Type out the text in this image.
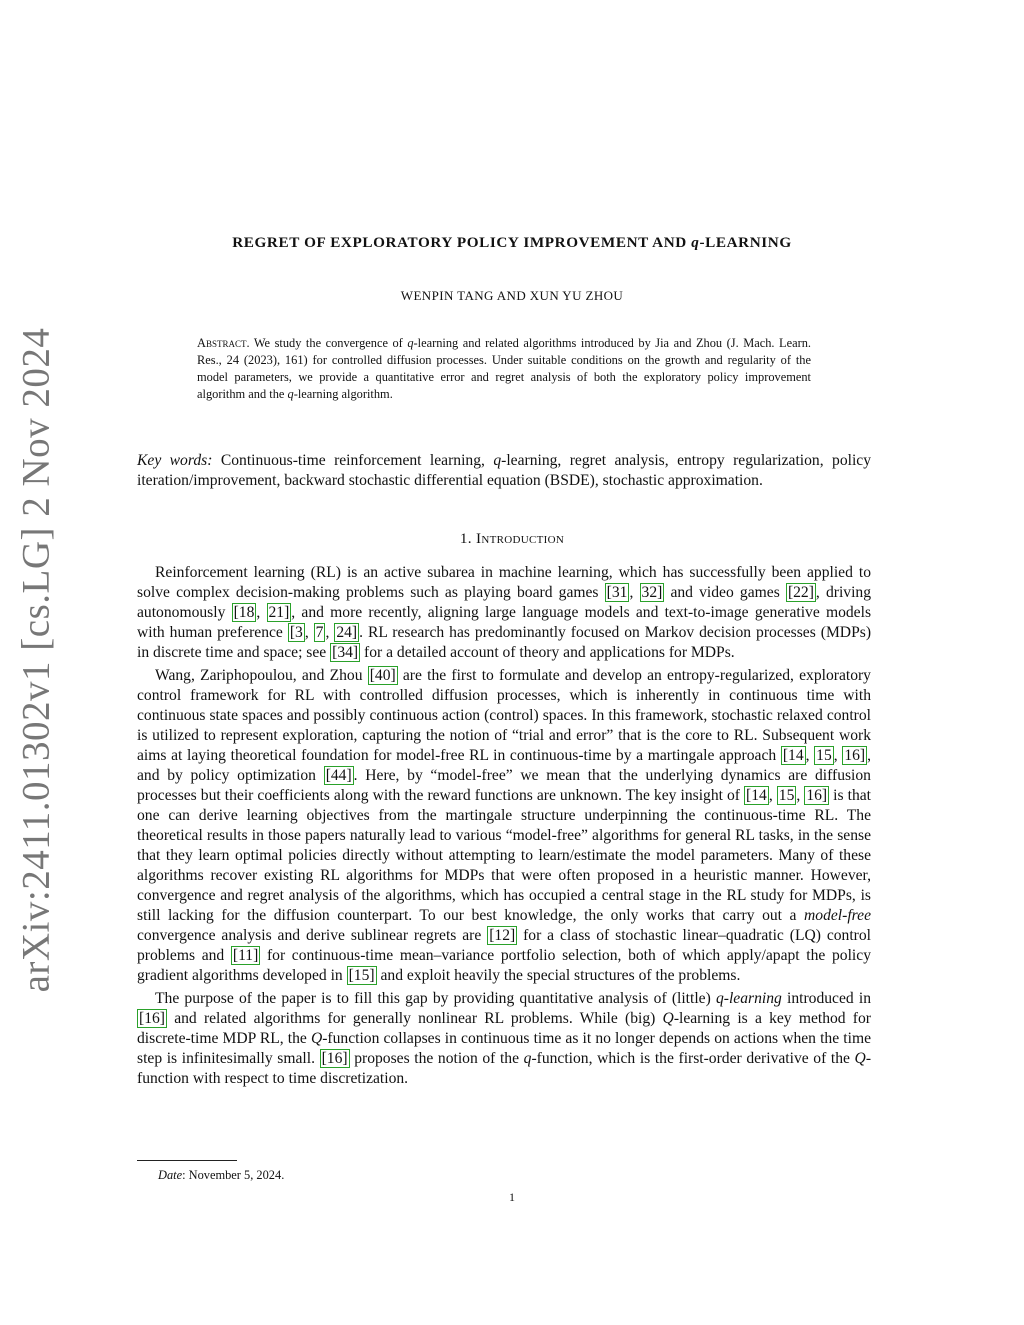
arXiv:2411.01302v1 [cs.LG] 2 Nov 2024
REGRET OF EXPLORATORY POLICY IMPROVEMENT AND q-LEARNING
WENPIN TANG AND XUN YU ZHOU
Abstract. We study the convergence of q-learning and related algorithms introduced by Jia and Zhou (J. Mach. Learn. Res., 24 (2023), 161) for controlled diffusion processes. Under suitable conditions on the growth and regularity of the model parameters, we provide a quantitative error and regret analysis of both the exploratory policy improvement algorithm and the q-learning algorithm.
Key words: Continuous-time reinforcement learning, q-learning, regret analysis, entropy regularization, policy iteration/improvement, backward stochastic differential equation (BSDE), stochastic approximation.
1. Introduction

Reinforcement learning (RL) is an active subarea in machine learning, which has successfully been applied to solve complex decision-making problems such as playing board games [31 , 32] and video games [22] , driving autonomously [18 , 21] , and more recently, aligning large language models and text-to-image generative models with human preference [3 , 7 , 24] . RL research has predominantly focused on Markov decision processes (MDPs) in discrete time and space; see [34] for a detailed account of theory and applications for MDPs.

Wang, Zariphopoulou, and Zhou [40] are the first to formulate and develop an entropy-regularized, exploratory control framework for RL with controlled diffusion processes, which is inherently in continuous time with continuous state spaces and possibly continuous action (control) spaces. In this framework, stochastic relaxed control is utilized to represent exploration, capturing the notion of “trial and error” that is the core to RL. Subsequent work aims at laying theoretical foundation for model-free RL in continuous-time by a martingale approach [14 , 15 , 16] , and by policy optimization [44] . Here, by “model-free” we mean that the underlying dynamics are diffusion processes but their coefficients along with the reward functions are unknown. The key insight of [14 , 15 , 16] is that one can derive learning objectives from the martingale structure underpinning the continuous-time RL. The theoretical results in those papers naturally lead to various “model-free” algorithms for general RL tasks, in the sense that they learn optimal policies directly without attempting to learn/estimate the model parameters. Many of these algorithms recover existing RL algorithms for MDPs that were often proposed in a heuristic manner. However, convergence and regret analysis of the algorithms, which has occupied a central stage in the RL study for MDPs, is still lacking for the diffusion counterpart. To our best knowledge, the only works that carry out a model-free convergence analysis and derive sublinear regrets are [12] for a class of stochastic linear–quadratic (LQ) control problems and [11] for continuous-time mean–variance portfolio selection, both of which apply/apapt the policy gradient algorithms developed in [15] and exploit heavily the special structures of the problems.

The purpose of the paper is to fill this gap by providing quantitative analysis of (little) q-learning introduced in [16] and related algorithms for generally nonlinear RL problems. While (big) Q-learning is a key method for discrete-time MDP RL, the Q-function collapses in continuous time as it no longer depends on actions when the time step is infinitesimally small. [16] proposes the notion of the q-function, which is the first-order derivative of the Q-function with respect to time discretization.

Date: November 5, 2024.
1
